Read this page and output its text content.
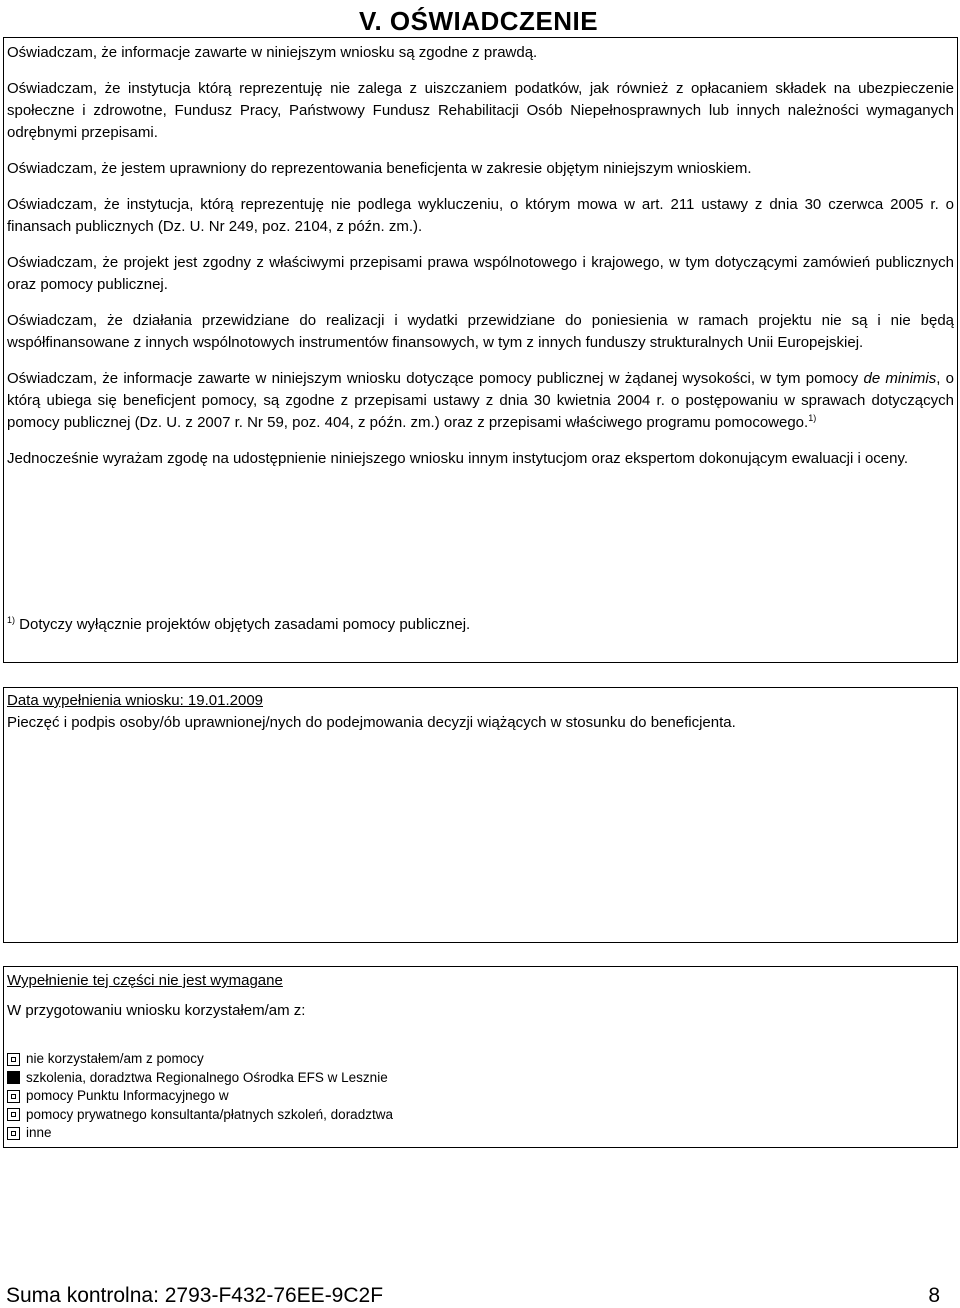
V. OŚWIADCZENIE

Oświadczam, że informacje zawarte w niniejszym wniosku są zgodne z prawdą.

Oświadczam, że instytucja którą reprezentuję nie zalega z uiszczaniem podatków, jak również z opłacaniem składek na ubezpieczenie społeczne i zdrowotne, Fundusz Pracy, Państwowy Fundusz Rehabilitacji Osób Niepełnosprawnych lub innych należności wymaganych odrębnymi przepisami.

Oświadczam, że jestem uprawniony do reprezentowania beneficjenta w zakresie objętym niniejszym wnioskiem.

Oświadczam, że instytucja, którą reprezentuję nie podlega wykluczeniu, o którym mowa w art. 211 ustawy z dnia 30 czerwca 2005 r. o finansach publicznych (Dz. U. Nr 249, poz. 2104, z późn. zm.).

Oświadczam, że projekt jest zgodny z właściwymi przepisami prawa wspólnotowego i krajowego, w tym dotyczącymi zamówień publicznych oraz pomocy publicznej.

Oświadczam, że działania przewidziane do realizacji i wydatki przewidziane do poniesienia w ramach projektu nie są i nie będą współfinansowane z innych wspólnotowych instrumentów finansowych, w tym z innych funduszy strukturalnych Unii Europejskiej.

Oświadczam, że informacje zawarte w niniejszym wniosku dotyczące pomocy publicznej w żądanej wysokości, w tym pomocy de minimis, o którą ubiega się beneficjent pomocy, są zgodne z przepisami ustawy z dnia 30 kwietnia 2004 r. o postępowaniu w sprawach dotyczących pomocy publicznej (Dz. U. z 2007 r. Nr 59, poz. 404, z późn. zm.) oraz z przepisami właściwego programu pomocowego.$^{1)}$

Jednocześnie wyrażam zgodę na udostępnienie niniejszego wniosku innym instytucjom oraz ekspertom dokonującym ewaluacji i oceny.

$^{1)}$ Dotyczy wyłącznie projektów objętych zasadami pomocy publicznej.
Data wypełnienia wniosku: 19.01.2009
Pieczęć i podpis osoby/ób uprawnionej/nych do podejmowania decyzji wiążących w stosunku do beneficjenta.
Wypełnienie tej części nie jest wymagane
W przygotowaniu wniosku korzystałem/am z:
nie korzystałem/am z pomocy
szkolenia, doradztwa Regionalnego Ośrodka EFS w Lesznie
pomocy Punktu Informacyjnego w
pomocy prywatnego konsultanta/płatnych szkoleń, doradztwa
inne
Suma kontrolna: 2793-F432-76EE-9C2F	8
